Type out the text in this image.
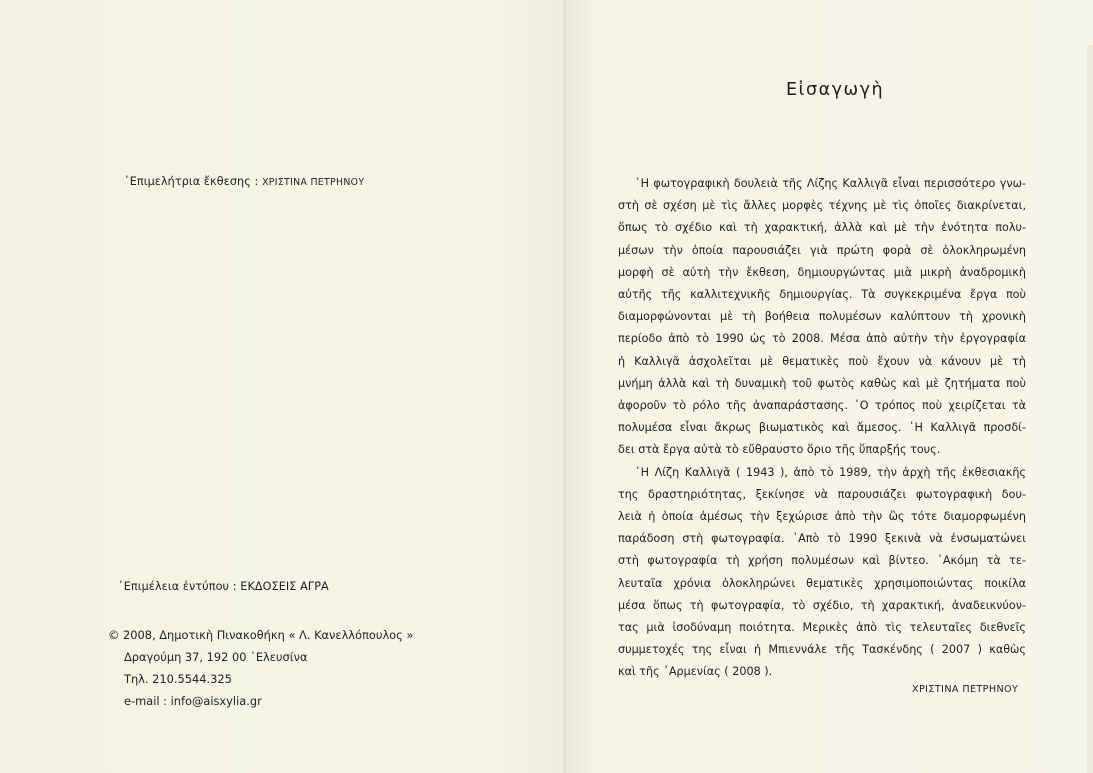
᾿Επιμελήτρια ἔκθεσης : ΧΡΙΣΤΙΝΑ ΠΕΤΡΗΝΟΥ
᾿Επιμέλεια ἐντύπου : ΕΚΔΟΣΕΙΣ ΑΓΡΑ
© 2008, Δημοτικὴ Πινακοθήκη « Λ. Κανελλόπουλος »
Δραγούμη 37, 192 00 ᾿Ελευσίνα
Τηλ. 210.5544.325
e-mail : info@aisxylia.gr
Εἰσαγωγὴ
῾Η φωτογραφικὴ δουλειὰ τῆς Λίζης Καλλιγᾶ εἶναι περισσότερο γνω-
στὴ σὲ σχέση μὲ τὶς ἄλλες μορφὲς τέχνης μὲ τὶς ὁποῖες διακρίνεται,
ὅπως τὸ σχέδιο καὶ τὴ χαρακτική, ἀλλὰ καὶ μὲ τὴν ἑνότητα πολυ-
μέσων τὴν ὁποία παρουσιάζει γιὰ πρώτη φορὰ σὲ ὁλοκληρωμένη
μορφὴ σὲ αὐτὴ τὴν ἔκθεση, δημιουργώντας μιὰ μικρὴ ἀναδρομικὴ
αὐτῆς τῆς καλλιτεχνικῆς δημιουργίας. Τὰ συγκεκριμένα ἔργα ποὺ
διαμορφώνονται μὲ τὴ βοήθεια πολυμέσων καλύπτουν τὴ χρονικὴ
περίοδο ἀπὸ τὸ 1990 ὡς τὸ 2008. Μέσα ἀπὸ αὐτὴν τὴν ἐργογραφία
ἡ Καλλιγᾶ ἀσχολεῖται μὲ θεματικὲς ποὺ ἔχουν νὰ κάνουν μὲ τὴ
μνήμη ἀλλὰ καὶ τὴ δυναμικὴ τοῦ φωτὸς καθὼς καὶ μὲ ζητήματα ποὺ
ἀφοροῦν τὸ ρόλο τῆς ἀναπαράστασης. ῾Ο τρόπος ποὺ χειρίζεται τὰ
πολυμέσα εἶναι ἄκρως βιωματικὸς καὶ ἄμεσος. ῾Η Καλλιγᾶ προσδί-
δει στὰ ἔργα αὐτὰ τὸ εὔθραυστο ὅριο τῆς ὕπαρξής τους.
῾Η Λίζη Καλλιγᾶ ( 1943 ), ἀπὸ τὸ 1989, τὴν ἀρχὴ τῆς ἐκθεσιακῆς
της δραστηριότητας, ξεκίνησε νὰ παρουσιάζει φωτογραφικὴ δου-
λειὰ ἡ ὁποία ἀμέσως τὴν ξεχώρισε ἀπὸ τὴν ὣς τότε διαμορφωμένη
παράδοση στὴ φωτογραφία. ᾿Απὸ τὸ 1990 ξεκινὰ νὰ ἐνσωματώνει
στὴ φωτογραφία τὴ χρήση πολυμέσων καὶ βίντεο. ᾿Ακόμη τὰ τε-
λευταῖα χρόνια ὁλοκληρώνει θεματικὲς χρησιμοποιώντας ποικίλα
μέσα ὅπως τὴ φωτογραφία, τὸ σχέδιο, τὴ χαρακτική, ἀναδεικνύον-
τας μιὰ ἰσοδύναμη ποιότητα. Μερικὲς ἀπὸ τὶς τελευταῖες διεθνεῖς
συμμετοχές της εἶναι ἡ Μπιεννάλε τῆς Τασκένδης ( 2007 ) καθὼς
καὶ τῆς ᾿Αρμενίας ( 2008 ).
ΧΡΙΣΤΙΝΑ ΠΕΤΡΗΝΟΥ
